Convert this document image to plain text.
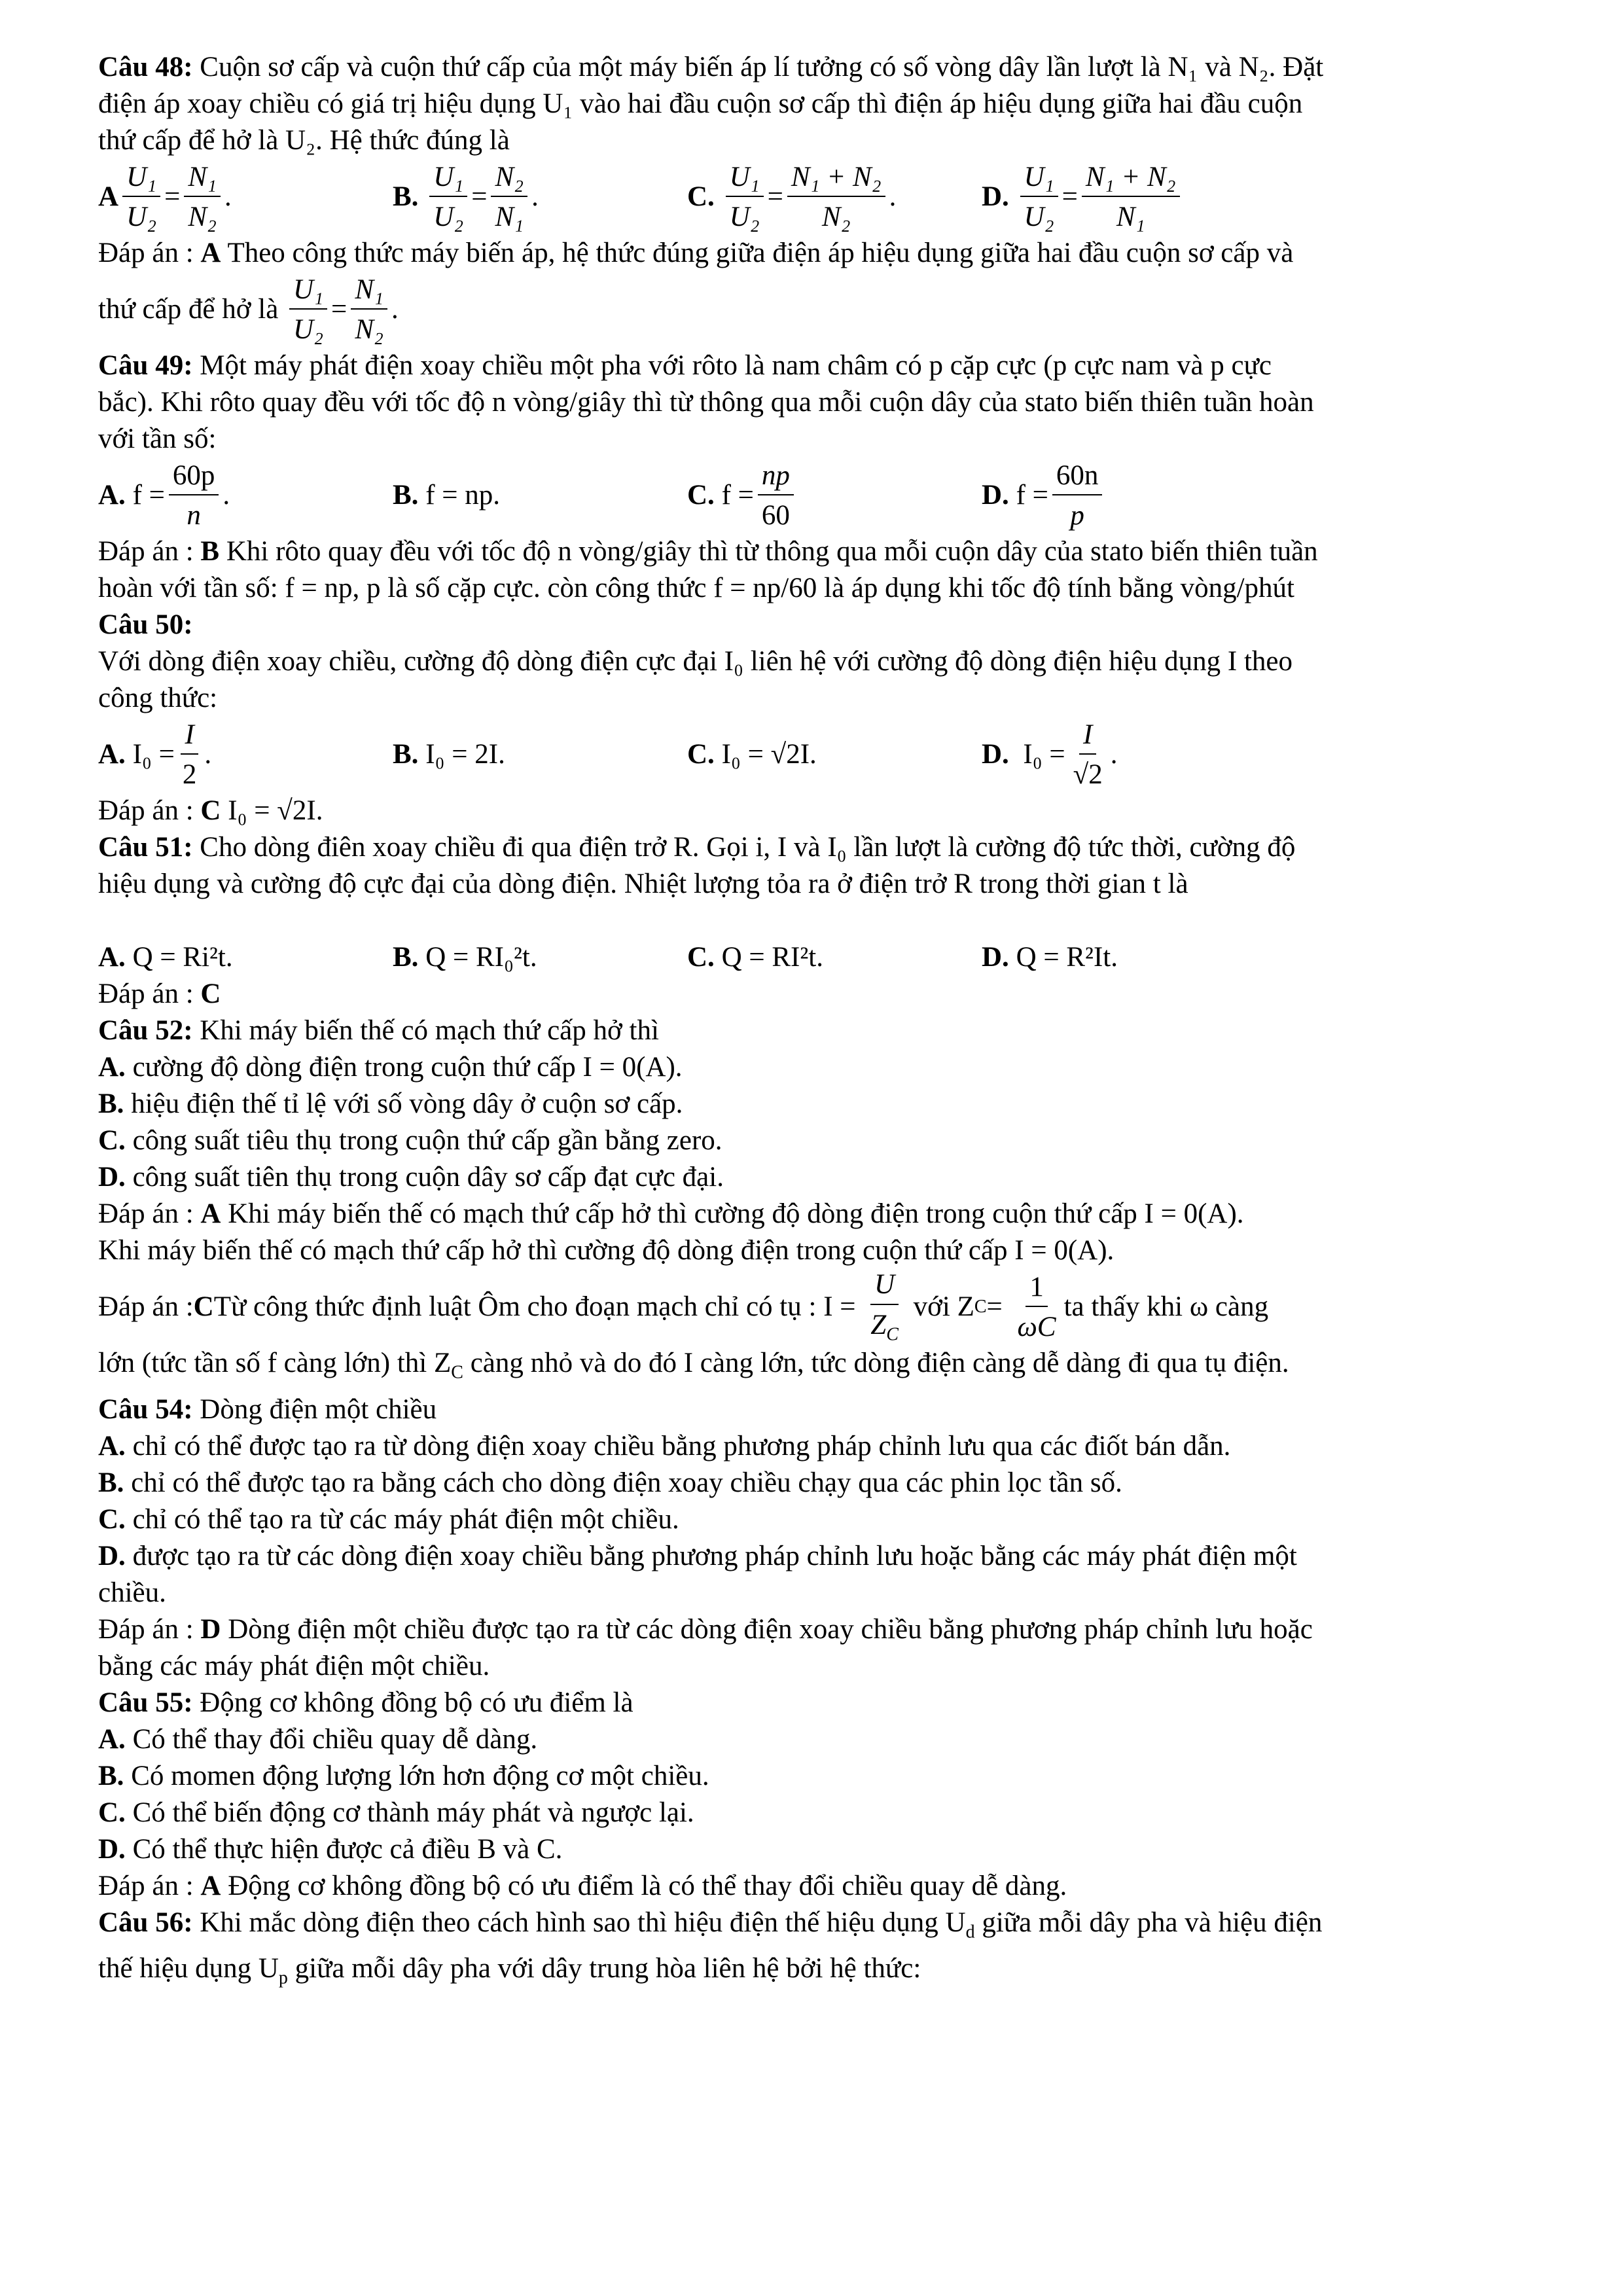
Câu 48: Cuộn sơ cấp và cuộn thứ cấp của một máy biến áp lí tưởng có số vòng dây lần lượt là N₁ và N₂. Đặt
điện áp xoay chiều có giá trị hiệu dụng U₁ vào hai đầu cuộn sơ cấp thì điện áp hiệu dụng giữa hai đầu cuộn
thứ cấp để hở là U₂. Hệ thức đúng là
A $\frac{\text{U₁}}{\text{U₂}} = \frac{\text{N₁}}{\text{N₂}}$ .	B.
$\frac{\text{U₁}}{\text{U₂}} = \frac{\text{N₂}}{\text{N₁}}$ .	C.
$\frac{\text{U₁}}{\text{U₂}} = \frac{\text{N₁ + N₂}}{\text{N₂}}$ .	D.
$\frac{\text{U₁}}{\text{U₂}} = \frac{\text{N₁ + N₂}}{\text{N₁}}$
Đáp án : A Theo công thức máy biến áp, hệ thức đúng giữa điện áp hiệu dụng giữa hai đầu cuộn sơ cấp và
thứ cấp để hở là
$\frac{\text{U₁}}{\text{U₂}} = \frac{\text{N₁}}{\text{N₂}}$ .
Câu 49: Một máy phát điện xoay chiều một pha với rôto là nam châm có p cặp cực (p cực nam và p cực
bắc). Khi rôto quay đều với tốc độ n vòng/giây thì từ thông qua mỗi cuộn dây của stato biến thiên tuần hoàn
với tần số:
A.
$f = \frac{60p}{n}$ .	B.
f = np.	C.
$f = \frac{np}{60}$	D.
$f = \frac{60n}{p}$
Đáp án : B Khi rôto quay đều với tốc độ n vòng/giây thì từ thông qua mỗi cuộn dây của stato biến thiên tuần
hoàn với tần số: f = np, p là số cặp cực. còn công thức f = np/60 là áp dụng khi tốc độ tính bằng vòng/phút
Câu 50:
Với dòng điện xoay chiều, cường độ dòng điện cực đại I₀ liên hệ với cường độ dòng điện hiệu dụng I theo
công thức:
A.
$I_0 = \frac{I}{2}$ .	B.
I₀ = 2I.	C.
I₀ = √2I.	D.
$I_0 = \frac{I}{√2}$ .
Đáp án : C I₀ = √2I.
Câu 51: Cho dòng điên xoay chiều đi qua điện trở R. Gọi i, I và I₀ lần lượt là cường độ tức thời, cường độ
hiệu dụng và cường độ cực đại của dòng điện. Nhiệt lượng tỏa ra ở điện trở R trong thời gian t là
A. Q = Ri²t.	B. Q = RI₀²t.	C. Q = RI²t.	D. Q = R²It.
Đáp án : C
Câu 52: Khi máy biến thế có mạch thứ cấp hở thì
A. cường độ dòng điện trong cuộn thứ cấp I = 0(A).
B. hiệu điện thế tỉ lệ với số vòng dây ở cuộn sơ cấp.
C. công suất tiêu thụ trong cuộn thứ cấp gần bằng zero.
D. công suất tiên thụ trong cuộn dây sơ cấp đạt cực đại.
Đáp án : A Khi máy biến thế có mạch thứ cấp hở thì cường độ dòng điện trong cuộn thứ cấp I = 0(A).
Khi máy biến thế có mạch thứ cấp hở thì cường độ dòng điện trong cuộn thứ cấp I = 0(A).
Đáp án : C Từ công thức định luật Ôm cho đoạn mạch chỉ có tụ : I =
$\frac{U}{Z_C}$
với Z C =
$\frac{1}{\omega C}$ ta thấy khi ω càng
lớn (tức tần số f càng lớn) thì $Z_C$ càng nhỏ và do đó I càng lớn, tức dòng điện càng dễ dàng đi qua tụ điện.
Câu 54: Dòng điện một chiều
A. chỉ có thể được tạo ra từ dòng điện xoay chiều bằng phương pháp chỉnh lưu qua các điốt bán dẫn.
B. chỉ có thể được tạo ra bằng cách cho dòng điện xoay chiều chạy qua các phin lọc tần số.
C. chỉ có thể tạo ra từ các máy phát điện một chiều.
D. được tạo ra từ các dòng điện xoay chiều bằng phương pháp chỉnh lưu hoặc bằng các máy phát điện một
chiều.
Đáp án : D Dòng điện một chiều được tạo ra từ các dòng điện xoay chiều bằng phương pháp chỉnh lưu hoặc
bằng các máy phát điện một chiều.
Câu 55: Động cơ không đồng bộ có ưu điểm là
A. Có thể thay đổi chiều quay dễ dàng.
B. Có momen động lượng lớn hơn động cơ một chiều.
C. Có thể biến động cơ thành máy phát và ngược lại.
D. Có thể thực hiện được cả điều B và C.
Đáp án : A Động cơ không đồng bộ có ưu điểm là có thể thay đổi chiều quay dễ dàng.
Câu 56: Khi mắc dòng điện theo cách hình sao thì hiệu điện thế hiệu dụng $U_d$ giữa mỗi dây pha và hiệu điện
thế hiệu dụng $U_p$ giữa mỗi dây pha với dây trung hòa liên hệ bởi hệ thức:
